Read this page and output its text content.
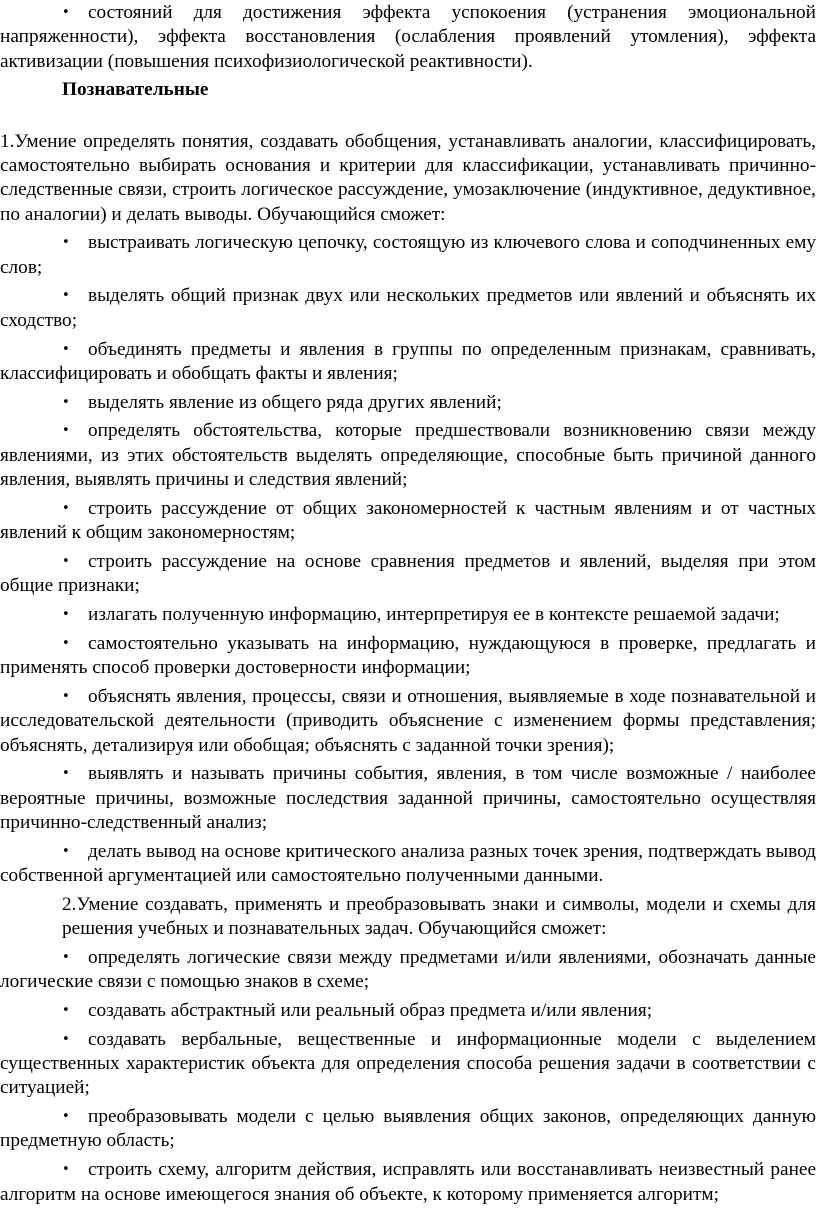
• состояний для достижения эффекта успокоения (устранения эмоциональной напряженности), эффекта восстановления (ослабления проявлений утомления), эффекта активизации (повышения психофизиологической реактивности).

Познавательные

1.Умение определять понятия, создавать обобщения, устанавливать аналогии, классифицировать, самостоятельно выбирать основания и критерии для классификации, устанавливать причинно-следственные связи, строить логическое рассуждение, умозаключение (индуктивное, дедуктивное, по аналогии) и делать выводы. Обучающийся сможет:

• выстраивать логическую цепочку, состоящую из ключевого слова и соподчиненных ему слов;

• выделять общий признак двух или нескольких предметов или явлений и объяснять их сходство;

• объединять предметы и явления в группы по определенным признакам, сравнивать, классифицировать и обобщать факты и явления;

• выделять явление из общего ряда других явлений;

• определять обстоятельства, которые предшествовали возникновению связи между явлениями, из этих обстоятельств выделять определяющие, способные быть причиной данного явления, выявлять причины и следствия явлений;

• строить рассуждение от общих закономерностей к частным явлениям и от частных явлений к общим закономерностям;

• строить рассуждение на основе сравнения предметов и явлений, выделяя при этом общие признаки;

• излагать полученную информацию, интерпретируя ее в контексте решаемой задачи;

• самостоятельно указывать на информацию, нуждающуюся в проверке, предлагать и применять способ проверки достоверности информации;

• объяснять явления, процессы, связи и отношения, выявляемые в ходе познавательной и исследовательской деятельности (приводить объяснение с изменением формы представления; объяснять, детализируя или обобщая; объяснять с заданной точки зрения);

• выявлять и называть причины события, явления, в том числе возможные / наиболее вероятные причины, возможные последствия заданной причины, самостоятельно осуществляя причинно-следственный анализ;

• делать вывод на основе критического анализа разных точек зрения, подтверждать вывод собственной аргументацией или самостоятельно полученными данными.

2.Умение создавать, применять и преобразовывать знаки и символы, модели и схемы для решения учебных и познавательных задач. Обучающийся сможет:

• определять логические связи между предметами и/или явлениями, обозначать данные логические связи с помощью знаков в схеме;

• создавать абстрактный или реальный образ предмета и/или явления;

• создавать вербальные, вещественные и информационные модели с выделением существенных характеристик объекта для определения способа решения задачи в соответствии с ситуацией;

• преобразовывать модели с целью выявления общих законов, определяющих данную предметную область;

• строить схему, алгоритм действия, исправлять или восстанавливать неизвестный ранее алгоритм на основе имеющегося знания об объекте, к которому применяется алгоритм;
